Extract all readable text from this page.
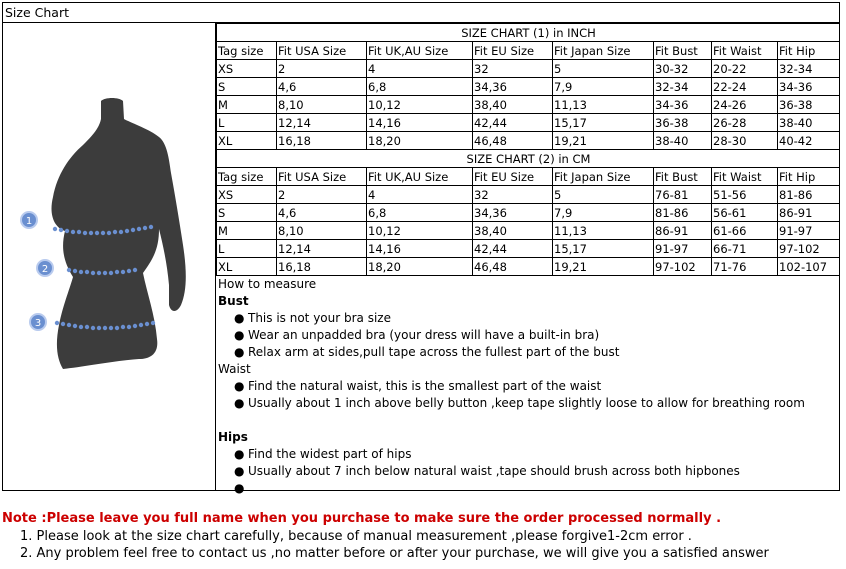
Size Chart
1
2
3
SIZE CHART (1) in INCH							
Tag size	Fit USA Size	Fit UK,AU Size	Fit EU Size	Fit Japan Size	Fit Bust	Fit Waist	Fit Hip
XS	2	4	32	5	30-32	20-22	32-34
S	4,6	6,8	34,36	7,9	32-34	22-24	34-36
M	8,10	10,12	38,40	11,13	34-36	24-26	36-38
L	12,14	14,16	42,44	15,17	36-38	26-28	38-40
XL	16,18	18,20	46,48	19,21	38-40	28-30	40-42
SIZE CHART (2) in CM							
Tag size	Fit USA Size	Fit UK,AU Size	Fit EU Size	Fit Japan Size	Fit Bust	Fit Waist	Fit Hip
XS	2	4	32	5	76-81	51-56	81-86
S	4,6	6,8	34,36	7,9	81-86	56-61	86-91
M	8,10	10,12	38,40	11,13	86-91	61-66	91-97
L	12,14	14,16	42,44	15,17	91-97	66-71	97-102
XL	16,18	18,20	46,48	19,21	97-102	71-76	102-107
How to measure
Bust
● This is not your bra size
● Wear an unpadded bra (your dress will have a built-in bra)
● Relax arm at sides,pull tape across the fullest part of the bust
Waist
● Find the natural waist, this is the smallest part of the waist
● Usually about 1 inch above belly button ,keep tape slightly loose to allow for breathing room
Hips
● Find the widest part of hips
● Usually about 7 inch below natural waist ,tape should brush across both hipbones
●
Note :Please leave you full name when you purchase to make sure the order processed normally .
1. Please look at the size chart carefully, because of manual measurement ,please forgive1-2cm error .
2. Any problem feel free to contact us ,no matter before or after your purchase, we will give you a satisfied answer
